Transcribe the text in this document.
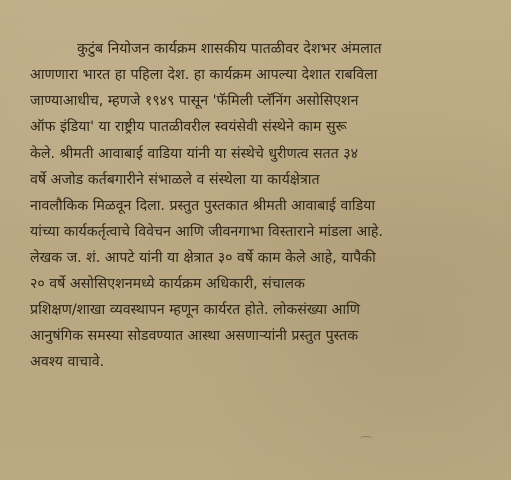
कुटुंब नियोजन कार्यक्रम शासकीय पातळीवर देशभर अंमलात
आणणारा भारत हा पहिला देश. हा कार्यक्रम आपल्या देशात राबविला
जाण्याआधीच, म्हणजे १९४९ पासून 'फॅमिली प्लॅनिंग असोसिएशन
ऑफ इंडिया' या राष्ट्रीय पातळीवरील स्वयंसेवी संस्थेने काम सुरू
केले. श्रीमती आवाबाई वाडिया यांनी या संस्थेचे धुरीणत्व सतत ३४
वर्षे अजोड कर्तबगारीने संभाळले व संस्थेला या कार्यक्षेत्रात
नावलौकिक मिळवून दिला. प्रस्तुत पुस्तकात श्रीमती आवाबाई वाडिया
यांच्या कार्यकर्तृत्वाचे विवेचन आणि जीवनगाभा विस्ताराने मांडला आहे.
लेखक ज. शं. आपटे यांनी या क्षेत्रात ३० वर्षे काम केले आहे, यापैकी
२० वर्षे असोसिएशनमध्ये कार्यक्रम अधिकारी, संचालक
प्रशिक्षण/शाखा व्यवस्थापन म्हणून कार्यरत होते. लोकसंख्या आणि
आनुषंगिक समस्या सोडवण्यात आस्था असणाऱ्यांनी प्रस्तुत पुस्तक
अवश्य वाचावे.
